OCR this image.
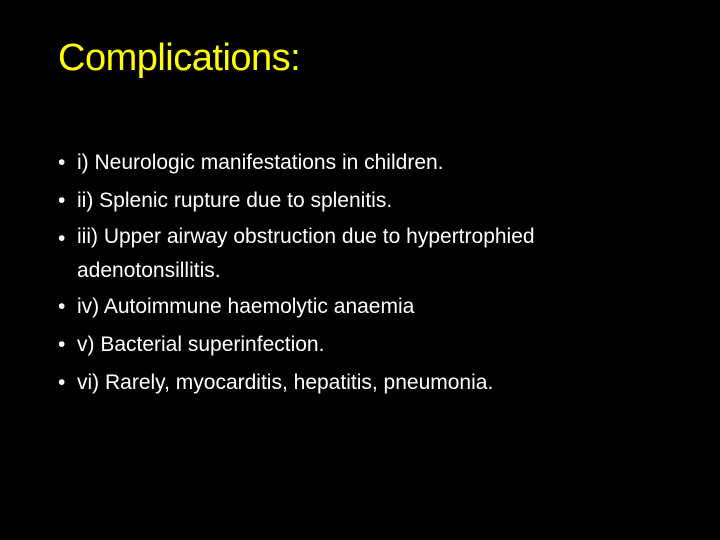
Complications:
• i) Neurologic manifestations in children.
• ii) Splenic rupture due to splenitis.
• iii) Upper airway obstruction due to hypertrophied
adenotonsillitis.
• iv) Autoimmune haemolytic anaemia
• v) Bacterial superinfection.
• vi) Rarely, myocarditis, hepatitis, pneumonia.
